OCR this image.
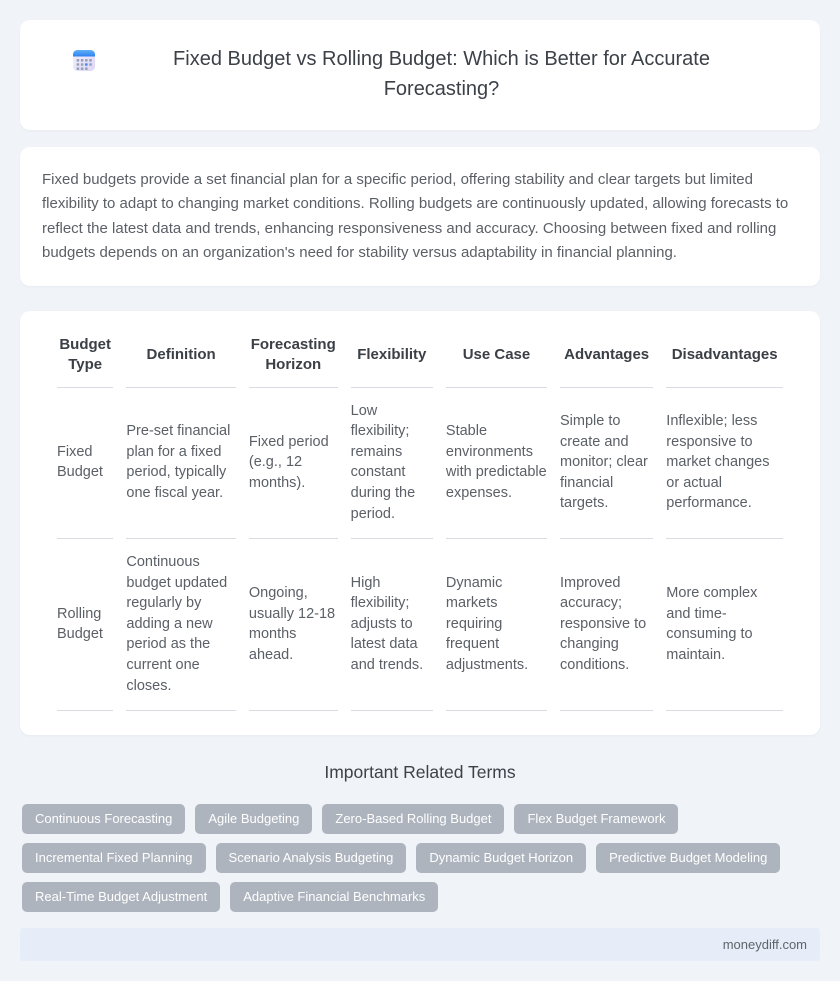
Fixed Budget vs Rolling Budget: Which is Better for Accurate Forecasting?

Fixed budgets provide a set financial plan for a specific period, offering stability and clear targets but limited flexibility to adapt to changing market conditions. Rolling budgets are continuously updated, allowing forecasts to reflect the latest data and trends, enhancing responsiveness and accuracy. Choosing between fixed and rolling budgets depends on an organization's need for stability versus adaptability in financial planning.

Budget Type	Definition	Forecasting Horizon	Flexibility	Use Case	Advantages	Disadvantages
Fixed Budget	Pre-set financial plan for a fixed period, typically one fiscal year.	Fixed period (e.g., 12 months).	Low flexibility; remains constant during the period.	Stable environments with predictable expenses.	Simple to create and monitor; clear financial targets.	Inflexible; less responsive to market changes or actual performance.
Rolling Budget	Continuous budget updated regularly by adding a new period as the current one closes.	Ongoing, usually 12-18 months ahead.	High flexibility; adjusts to latest data and trends.	Dynamic markets requiring frequent adjustments.	Improved accuracy; responsive to changing conditions.	More complex and time-consuming to maintain.
Important Related Terms
Continuous Forecasting	Agile Budgeting	Zero-Based Rolling Budget	Flex Budget Framework
Incremental Fixed Planning	Scenario Analysis Budgeting	Dynamic Budget Horizon	Predictive Budget Modeling
Real-Time Budget Adjustment	Adaptive Financial Benchmarks
moneydiff.com
